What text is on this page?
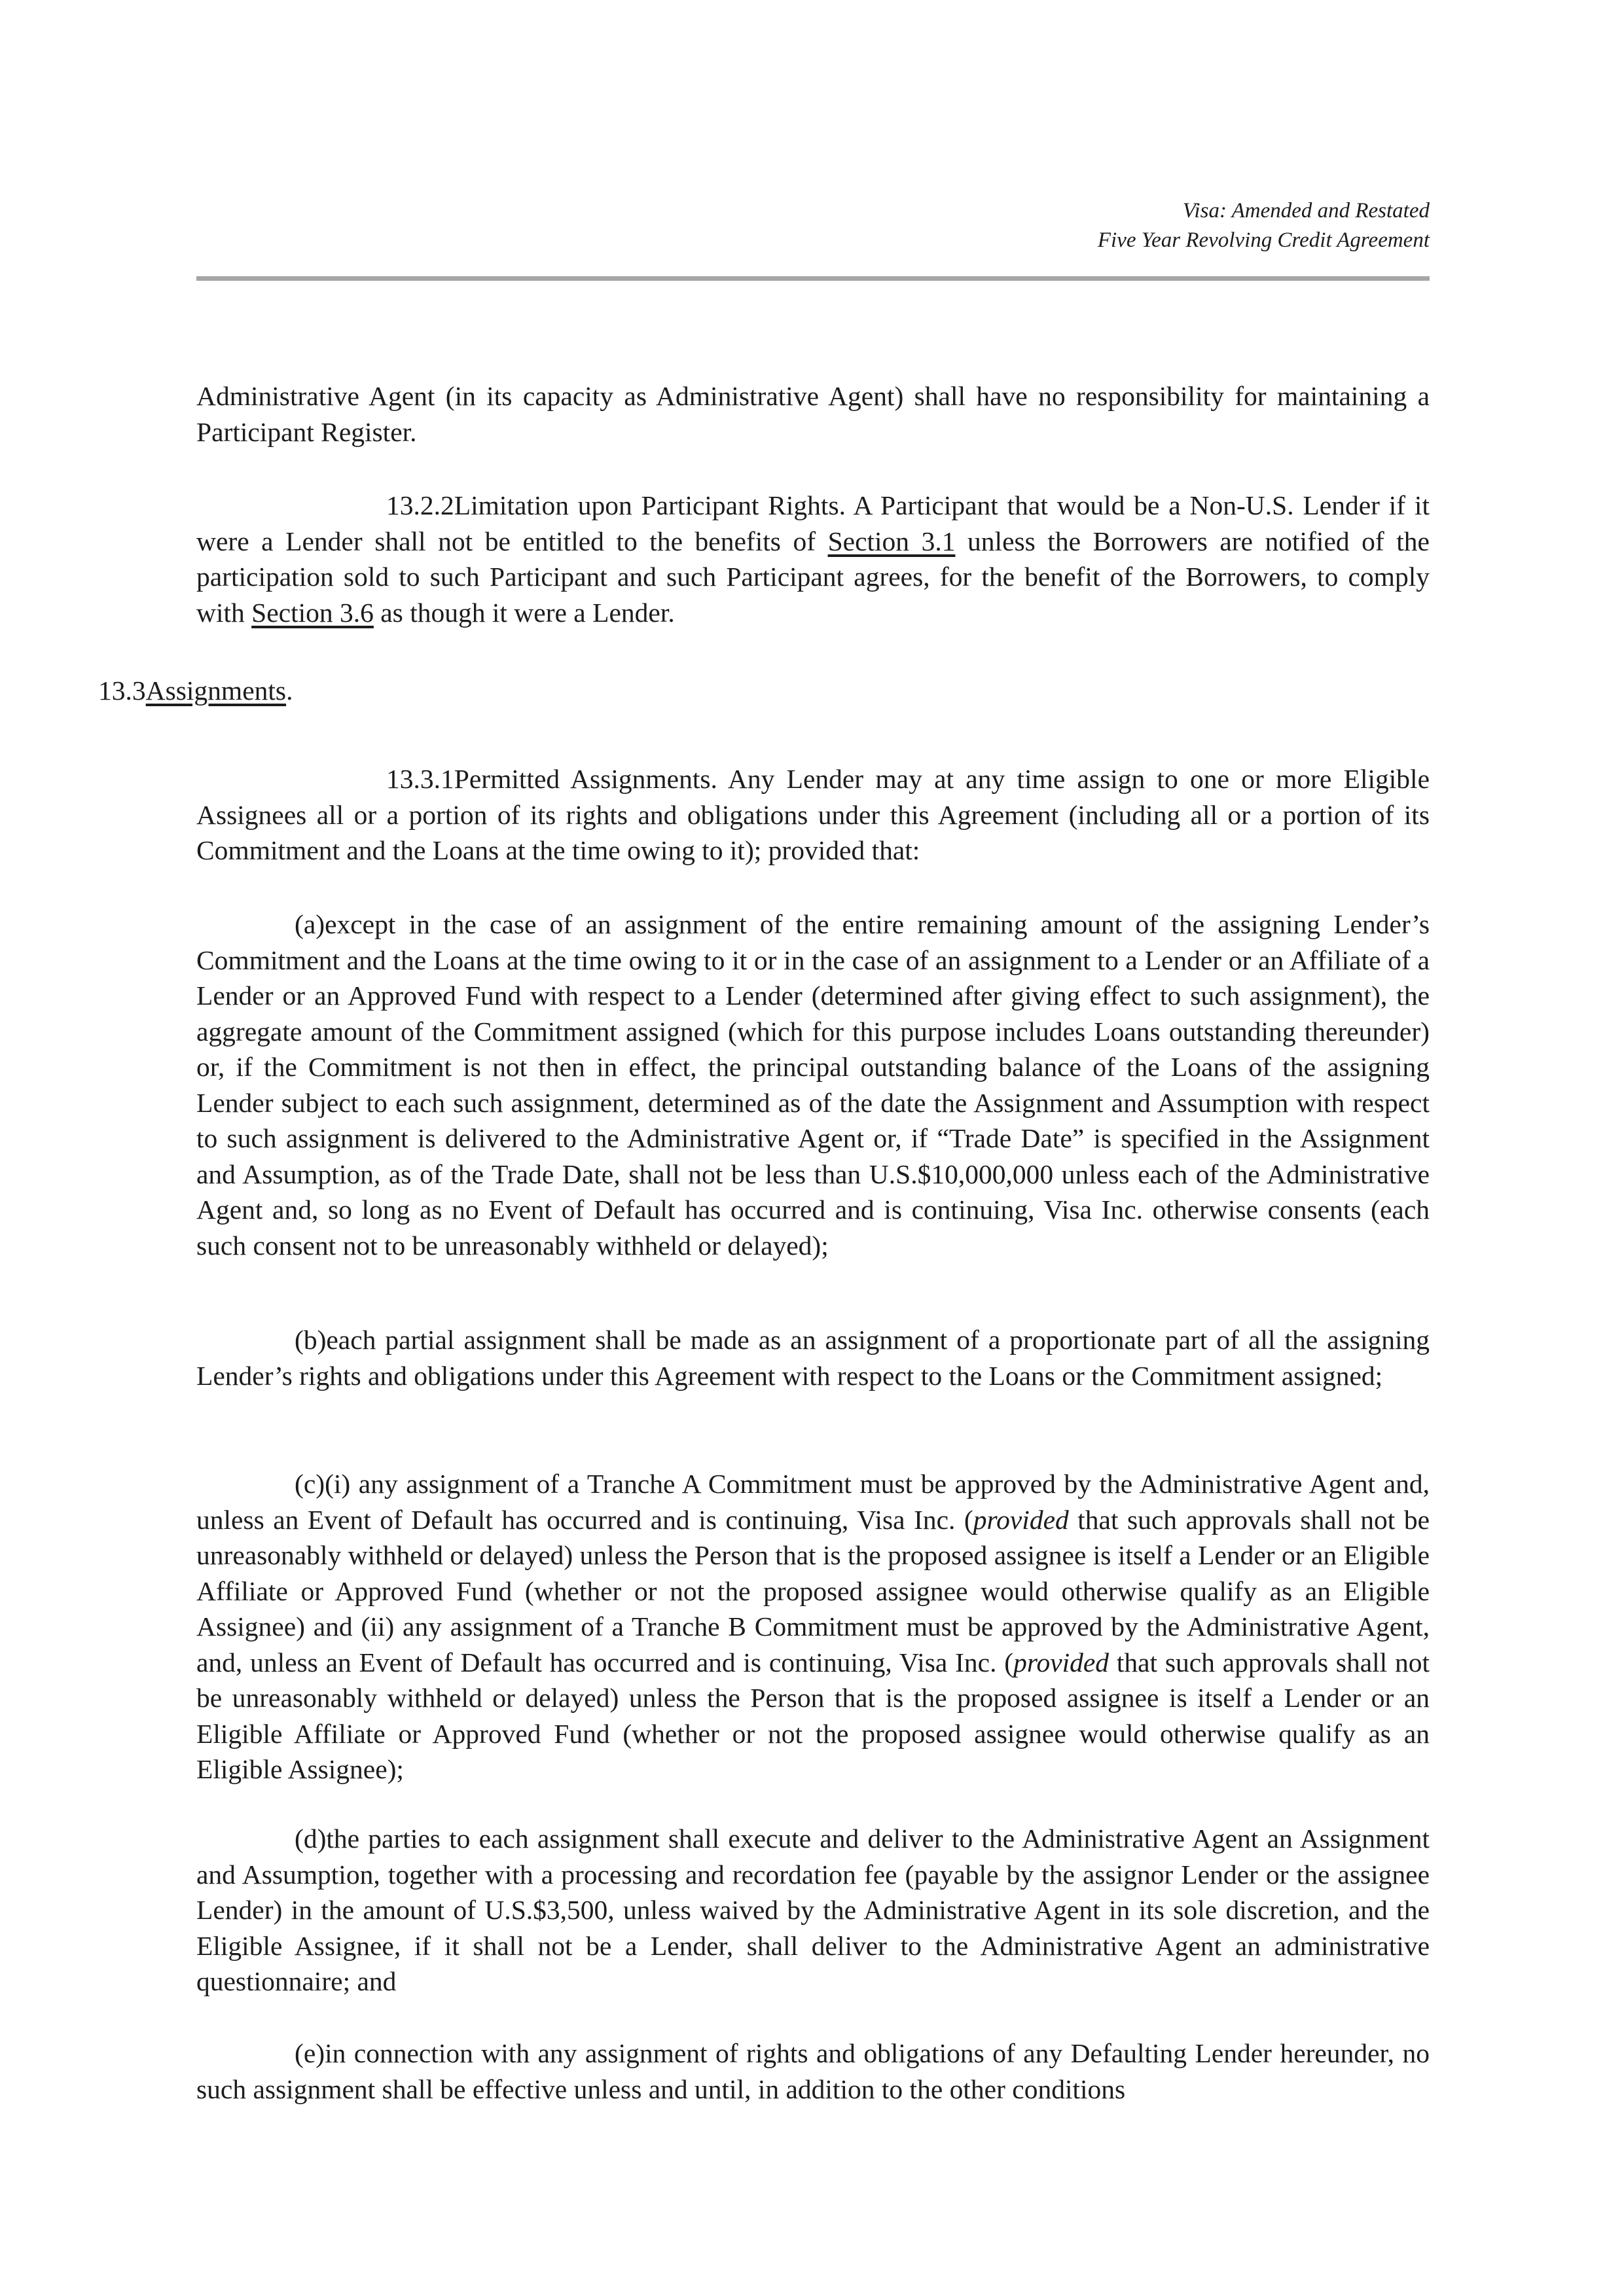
Visa: Amended and Restated
Five Year Revolving Credit Agreement

Administrative Agent (in its capacity as Administrative Agent) shall have no responsibility for maintaining a Participant Register.

13.2.2Limitation upon Participant Rights. A Participant that would be a Non-U.S. Lender if it were a Lender shall not be entitled to the benefits of Section 3.1 unless the Borrowers are notified of the participation sold to such Participant and such Participant agrees, for the benefit of the Borrowers, to comply with Section 3.6 as though it were a Lender.

13.3Assignments.

13.3.1Permitted Assignments. Any Lender may at any time assign to one or more Eligible Assignees all or a portion of its rights and obligations under this Agreement (including all or a portion of its Commitment and the Loans at the time owing to it); provided that:

(a)except in the case of an assignment of the entire remaining amount of the assigning Lender’s Commitment and the Loans at the time owing to it or in the case of an assignment to a Lender or an Affiliate of a Lender or an Approved Fund with respect to a Lender (determined after giving effect to such assignment), the aggregate amount of the Commitment assigned (which for this purpose includes Loans outstanding thereunder) or, if the Commitment is not then in effect, the principal outstanding balance of the Loans of the assigning Lender subject to each such assignment, determined as of the date the Assignment and Assumption with respect to such assignment is delivered to the Administrative Agent or, if “Trade Date” is specified in the Assignment and Assumption, as of the Trade Date, shall not be less than U.S.$10,000,000 unless each of the Administrative Agent and, so long as no Event of Default has occurred and is continuing, Visa Inc. otherwise consents (each such consent not to be unreasonably withheld or delayed);

(b)each partial assignment shall be made as an assignment of a proportionate part of all the assigning Lender’s rights and obligations under this Agreement with respect to the Loans or the Commitment assigned;

(c)(i) any assignment of a Tranche A Commitment must be approved by the Administrative Agent and, unless an Event of Default has occurred and is continuing, Visa Inc. (provided that such approvals shall not be unreasonably withheld or delayed) unless the Person that is the proposed assignee is itself a Lender or an Eligible Affiliate or Approved Fund (whether or not the proposed assignee would otherwise qualify as an Eligible Assignee) and (ii) any assignment of a Tranche B Commitment must be approved by the Administrative Agent, and, unless an Event of Default has occurred and is continuing, Visa Inc. (provided that such approvals shall not be unreasonably withheld or delayed) unless the Person that is the proposed assignee is itself a Lender or an Eligible Affiliate or Approved Fund (whether or not the proposed assignee would otherwise qualify as an Eligible Assignee);

(d)the parties to each assignment shall execute and deliver to the Administrative Agent an Assignment and Assumption, together with a processing and recordation fee (payable by the assignor Lender or the assignee Lender) in the amount of U.S.$3,500, unless waived by the Administrative Agent in its sole discretion, and the Eligible Assignee, if it shall not be a Lender, shall deliver to the Administrative Agent an administrative questionnaire; and

(e)in connection with any assignment of rights and obligations of any Defaulting Lender hereunder, no such assignment shall be effective unless and until, in addition to the other conditions
